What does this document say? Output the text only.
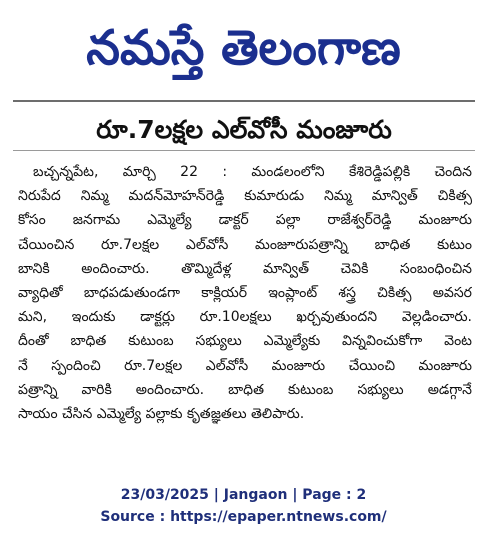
నమస్తే తెలంగాణ
రూ.7లక్షల ఎల్‌వోసీ మంజూరు
బచ్చన్నపేట, మార్చి 22 : మండలంలోని కేశిరెడ్డిపల్లికి చెందిన
నిరుపేద నిమ్మ మదన్‌మోహన్‌రెడ్డి కుమారుడు నిమ్మ మాన్విత్ చికిత్స
కోసం జనగామ ఎమ్మెల్యే డాక్టర్ పల్లా రాజేశ్వర్‌రెడ్డి మంజూరు
చేయించిన రూ.7లక్షల ఎల్‌వోసీ మంజూరుపత్రాన్ని బాధిత కుటుం
బానికి అందించారు. తొమ్మిదేళ్ల మాన్విత్ చెవికి సంబంధించిన
వ్యాధితో బాధపడుతుండగా కాక్లియర్ ఇంప్లాంట్ శస్త్ర చికిత్స అవసర
మని, ఇందుకు డాక్టర్లు రూ.10లక్షలు ఖర్చవుతుందని వెల్లడించారు.
దీంతో బాధిత కుటుంబ సభ్యులు ఎమ్మెల్యేకు విన్నవించుకోగా వెంట
నే స్పందించి రూ.7లక్షల ఎల్‌వోసీ మంజూరు చేయించి మంజూరు
పత్రాన్ని వారికి అందించారు. బాధిత కుటుంబ సభ్యులు అడగ్గానే
సాయం చేసిన ఎమ్మెల్యే పల్లాకు కృతజ్ఞతలు తెలిపారు.
23/03/2025 | Jangaon | Page : 2
Source : https://epaper.ntnews.com/
